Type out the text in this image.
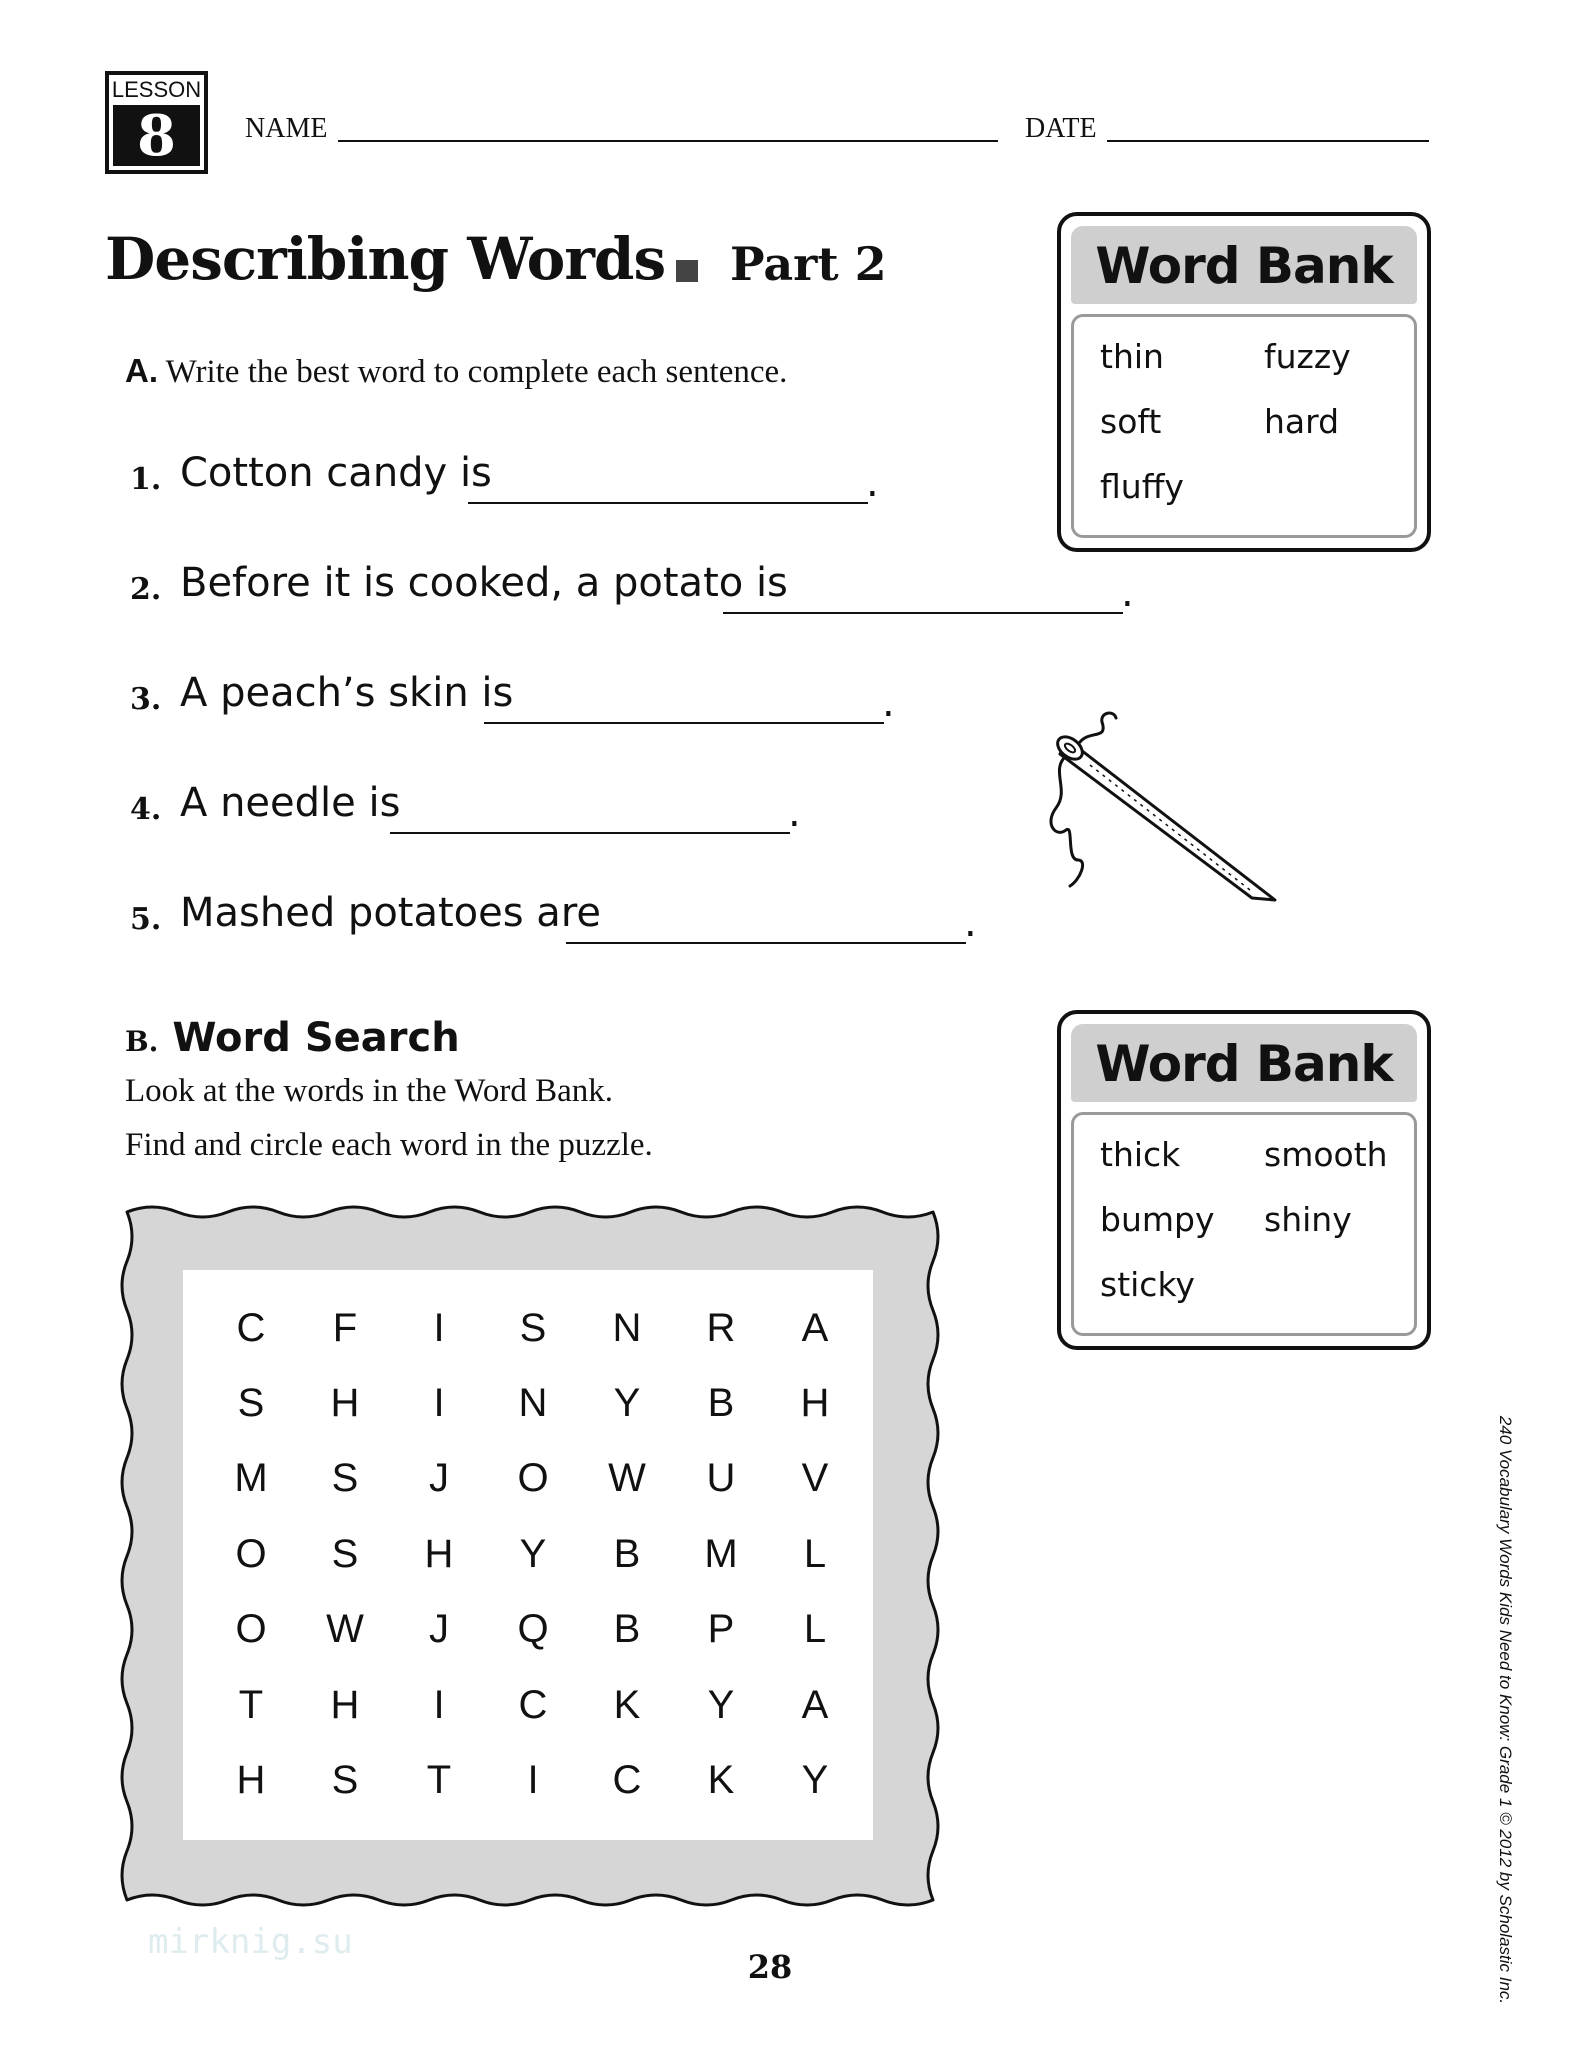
LESSON
8	NAME	DATE
Describing Words Part 2
A. Write the best word to complete each sentence.
1. Cotton candy is	.
2. Before it is cooked, a potato is	.
3. A peach’s skin is	.
4. A needle is	.
5. Mashed potatoes are	.
Word Bank
thin	fuzzy
soft	hard
fluffy
B. Word Search
Look at the words in the Word Bank.
Find and circle each word in the puzzle.
Word Bank
thick	smooth
bumpy shiny
sticky
C	F	I	S	N	R	A
S	H	I	N	Y	B	H
M	S	J	O	W	U	V
O	S	H	Y	B	M	L
O	W	J	Q	B	P	L
T	H	I	C	K	Y	A
H	S	T	I	C	K	Y	240 Vocabulary Words Kids Need to Know: Grade 1 © 2012 by Scholastic Inc.
28
mirknig.su
